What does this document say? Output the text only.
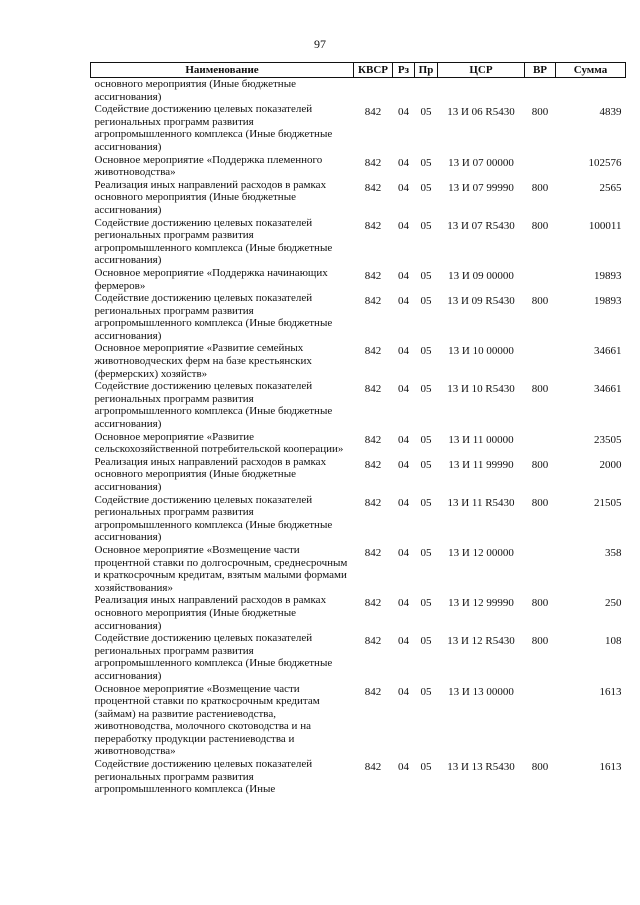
97
Наименование	КВСР	Рз	Пр	ЦСР	ВР	Сумма
основного мероприятия (Иные бюджетные ассигнования)						
Содействие достижению целевых показателей региональных программ развития агропромышленного комплекса (Иные бюджетные ассигнования)	842	04	05	13 И 06 R5430	800	4839
Основное мероприятие «Поддержка племенного животноводства»	842	04	05	13 И 07 00000		102576
Реализация иных направлений расходов в рамках основного мероприятия (Иные бюджетные ассигнования)	842	04	05	13 И 07 99990	800	2565
Содействие достижению целевых показателей региональных программ развития агропромышленного комплекса (Иные бюджетные ассигнования)	842	04	05	13 И 07 R5430	800	100011
Основное мероприятие «Поддержка начинающих фермеров»	842	04	05	13 И 09 00000		19893
Содействие достижению целевых показателей региональных программ развития агропромышленного комплекса (Иные бюджетные ассигнования)	842	04	05	13 И 09 R5430	800	19893
Основное мероприятие «Развитие семейных животноводческих ферм на базе крестьянских (фермерских) хозяйств»	842	04	05	13 И 10 00000		34661
Содействие достижению целевых показателей региональных программ развития агропромышленного комплекса (Иные бюджетные ассигнования)	842	04	05	13 И 10 R5430	800	34661
Основное мероприятие «Развитие сельскохозяйственной потребительской кооперации»	842	04	05	13 И 11 00000		23505
Реализация иных направлений расходов в рамках основного мероприятия (Иные бюджетные ассигнования)	842	04	05	13 И 11 99990	800	2000
Содействие достижению целевых показателей региональных программ развития агропромышленного комплекса (Иные бюджетные ассигнования)	842	04	05	13 И 11 R5430	800	21505
Основное мероприятие «Возмещение части процентной ставки по долгосрочным, среднесрочным и краткосрочным кредитам, взятым малыми формами хозяйствования»	842	04	05	13 И 12 00000		358
Реализация иных направлений расходов в рамках основного мероприятия (Иные бюджетные ассигнования)	842	04	05	13 И 12 99990	800	250
Содействие достижению целевых показателей региональных программ развития агропромышленного комплекса (Иные бюджетные ассигнования)	842	04	05	13 И 12 R5430	800	108
Основное мероприятие «Возмещение части процентной ставки по краткосрочным кредитам (займам) на развитие растениеводства, животноводства, молочного скотоводства и на переработку продукции растениеводства и животноводства»	842	04	05	13 И 13 00000		1613
Содействие достижению целевых показателей региональных программ развития агропромышленного комплекса (Иные	842	04	05	13 И 13 R5430	800	1613
